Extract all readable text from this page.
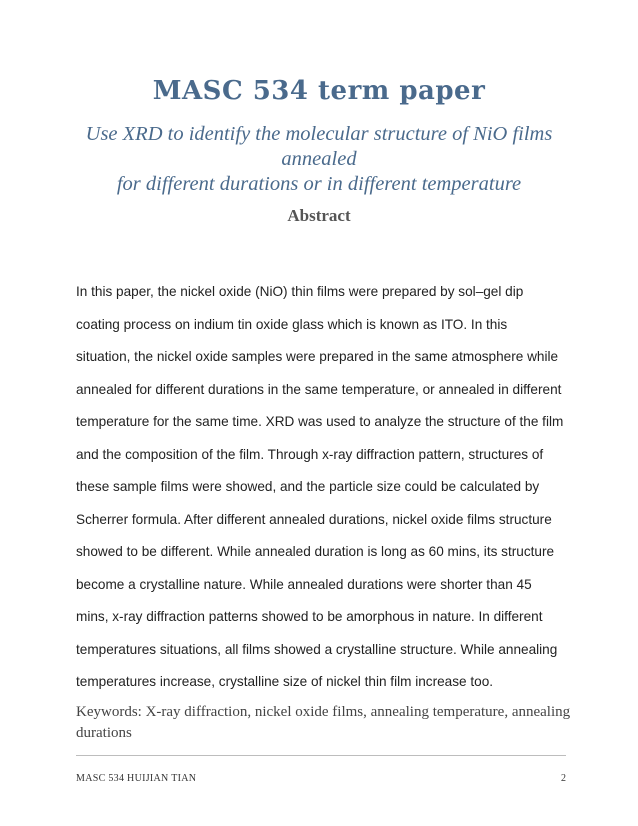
MASC 534 term paper
Use XRD to identify the molecular structure of NiO films annealed
for different durations or in different temperature
Abstract

In this paper, the nickel oxide (NiO) thin films were prepared by sol–gel dip
coating process on indium tin oxide glass which is known as ITO. In this
situation, the nickel oxide samples were prepared in the same atmosphere while
annealed for different durations in the same temperature, or annealed in different
temperature for the same time. XRD was used to analyze the structure of the film
and the composition of the film. Through x-ray diffraction pattern, structures of
these sample films were showed, and the particle size could be calculated by
Scherrer formula. After different annealed durations, nickel oxide films structure
showed to be different. While annealed duration is long as 60 mins, its structure
become a crystalline nature. While annealed durations were shorter than 45
mins, x-ray diffraction patterns showed to be amorphous in nature. In different
temperatures situations, all films showed a crystalline structure. While annealing
temperatures increase, crystalline size of nickel thin film increase too.

Keywords: X-ray diffraction, nickel oxide films, annealing temperature, annealing durations
MASC 534 HUIJIAN TIAN	2
